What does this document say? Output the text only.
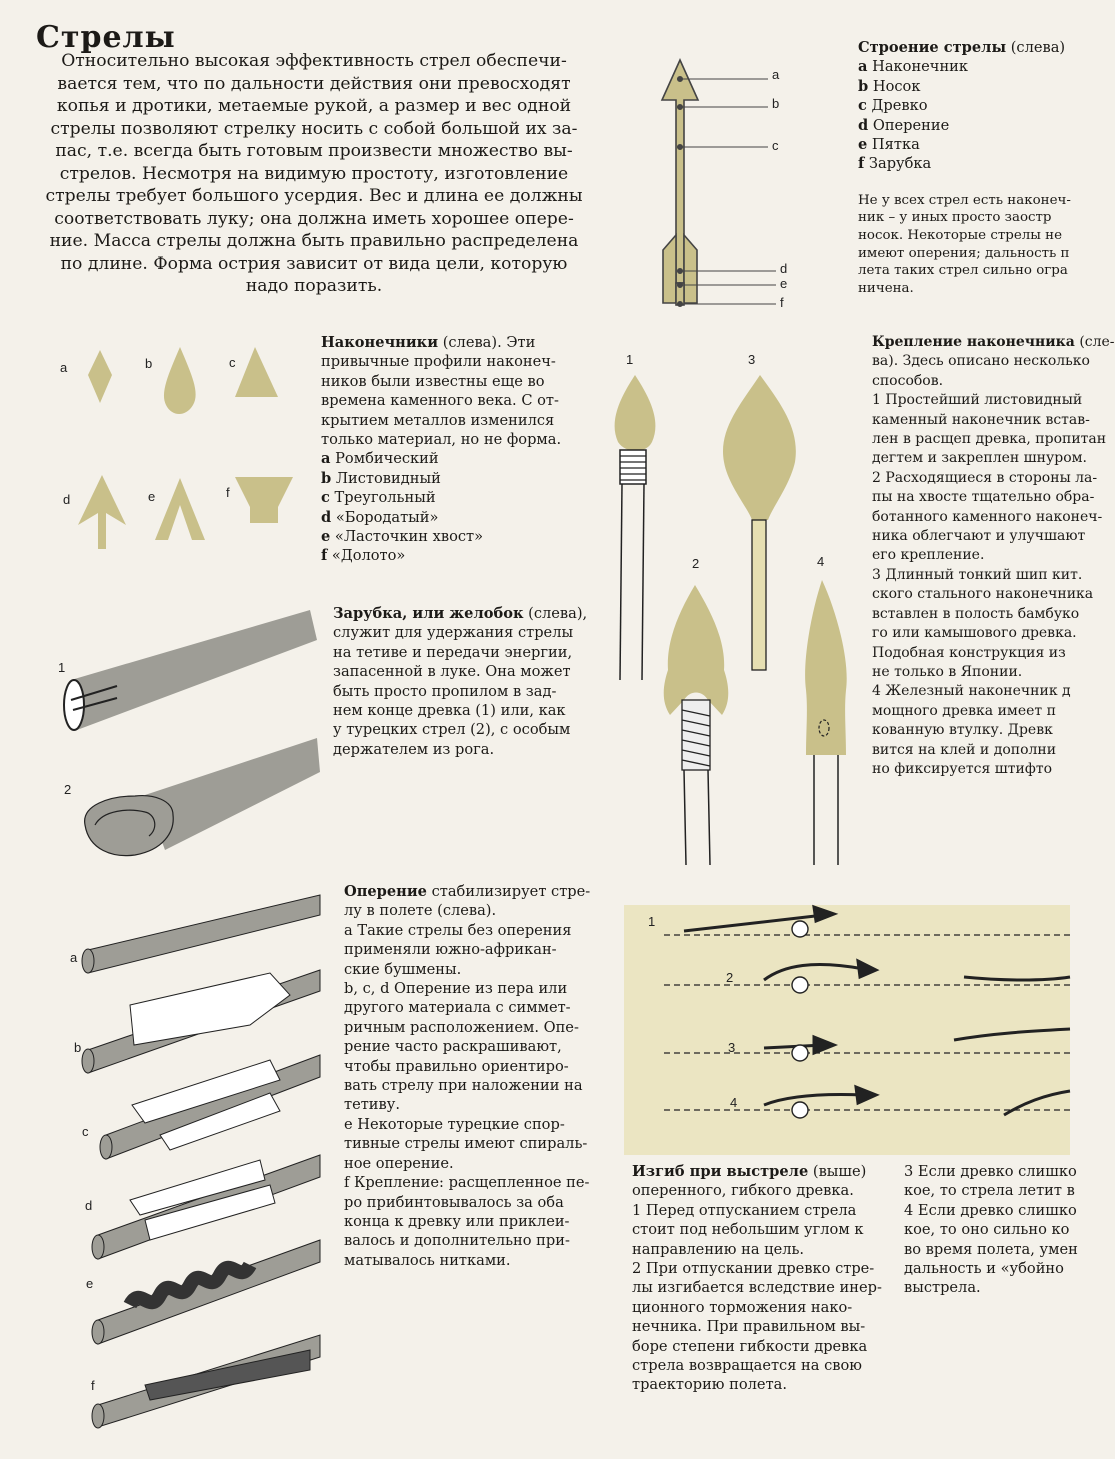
Стрелы
Относительно высокая эффективность стрел обеспечи-
вается тем, что по дальности действия они превосходят
копья и дротики, метаемые рукой, а размер и вес одной
стрелы позволяют стрелку носить с собой большой их за-
пас, т.е. всегда быть готовым произвести множество вы-
стрелов. Несмотря на видимую простоту, изготовление
стрелы требует большого усердия. Вес и длина ее должны
соответствовать луку; она должна иметь хорошее опере-
ние. Масса стрелы должна быть правильно распределена
по длине. Форма острия зависит от вида цели, которую
надо поразить.
a
b
c
d
e
f
Строение стрелы (слева)
a Наконечник
b Носок
c Древко
d Оперение
e Пятка
f Зарубка
Не у всех стрел есть наконеч-
ник – у иных просто заостр
носок. Некоторые стрелы не
имеют оперения; дальность п
лета таких стрел сильно огра
ничена.
a	b	c
d	e	f
Наконечники (слева). Эти
привычные профили наконеч-
ников были известны еще во
времена каменного века. С от-
крытием металлов изменился
только материал, но не форма.
a Ромбический
b Листовидный
c Треугольный
d «Бородатый»
e «Ласточкин хвост»
f «Долото»
1
2
3
4
Крепление наконечника (сле-
ва). Здесь описано несколько
способов.
1 Простейший листовидный
каменный наконечник встав-
лен в расщеп древка, пропитан
дегтем и закреплен шнуром.
2 Расходящиеся в стороны ла-
пы на хвосте тщательно обра-
ботанного каменного наконеч-
ника облегчают и улучшают
его крепление.
3 Длинный тонкий шип кит.
ского стального наконечника
вставлен в полость бамбуко
го или камышового древка.
Подобная конструкция из
не только в Японии.
4 Железный наконечник д
мощного древка имеет п
кованную втулку. Древк
вится на клей и дополни
но фиксируется штифто
1
2
Зарубка, или желобок (слева),
служит для удержания стрелы
на тетиве и передачи энергии,
запасенной в луке. Она может
быть просто пропилом в зад-
нем конце древка (1) или, как
у турецких стрел (2), с особым
держателем из рога.
a
b
c
d
e
f
Оперение стабилизирует стре-
лу в полете (слева).
a Такие стрелы без оперения
применяли южно-африкан-
ские бушмены.
b, c, d Оперение из пера или
другого материала с симмет-
ричным расположением. Опе-
рение часто раскрашивают,
чтобы правильно ориентиро-
вать стрелу при наложении на
тетиву.
e Некоторые турецкие спор-
тивные стрелы имеют спираль-
ное оперение.
f Крепление: расщепленное пе-
ро прибинтовывалось за оба
конца к древку или приклеи-
валось и дополнительно при-
матывалось нитками.
1
2
3
4
Изгиб при выстреле (выше)
оперенного, гибкого древка.
1 Перед отпусканием стрела
стоит под небольшим углом к
направлению на цель.
2 При отпускании древко стре-
лы изгибается вследствие инер-
ционного торможения нако-
нечника. При правильном вы-
боре степени гибкости древка
стрела возвращается на свою
траекторию полета.
3 Если древко слишко
кое, то стрела летит в
4 Если древко слишко
кое, то оно сильно ко
во время полета, умен
дальность и «убойно
выстрела.
